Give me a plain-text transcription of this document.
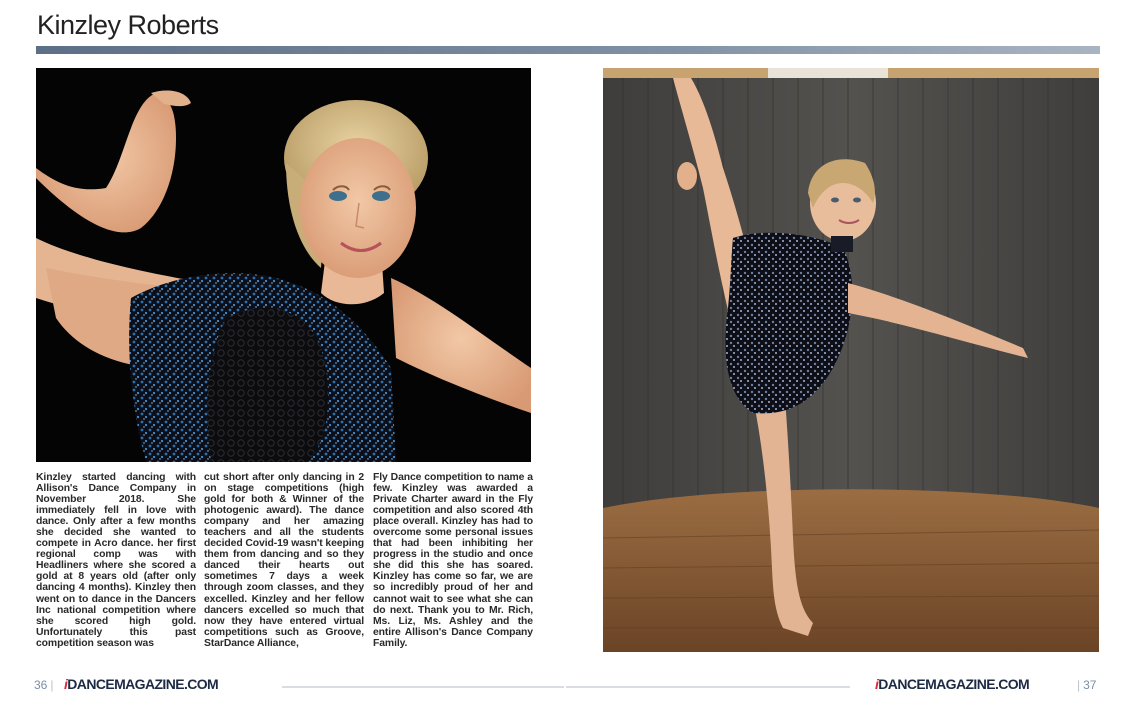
Kinzley Roberts
Kinzley started dancing with Allison's Dance Company in November 2018. She immediately fell in love with dance. Only after a few months she decided she wanted to compete in Acro dance. her first regional comp was with Headliners where she scored a gold at 8 years old (after only dancing 4 months). Kinzley then went on to dance in the Dancers Inc national competition where she scored high gold. Unfortunately this past competition season was
cut short after only dancing in 2 on stage competitions (high gold for both & Winner of the photogenic award). The dance company and her amazing teachers and all the students decided Covid-19 wasn't keeping them from dancing and so they danced their hearts out sometimes 7 days a week through zoom classes, and they excelled. Kinzley and her fellow dancers excelled so much that now they have entered virtual competitions such as Groove, StarDance Alliance,
Fly Dance competition to name a few. Kinzley was awarded a Private Charter award in the Fly competition and also scored 4th place overall. Kinzley has had to overcome some personal issues that had been inhibiting her progress in the studio and once she did this she has soared. Kinzley has come so far, we are so incredibly proud of her and cannot wait to see what she can do next. Thank you to Mr. Rich, Ms. Liz, Ms. Ashley and the entire Allison's Dance Company Family.
36 | iDANCEMAGAZINE.COM	iDANCEMAGAZINE.COM	| 37
